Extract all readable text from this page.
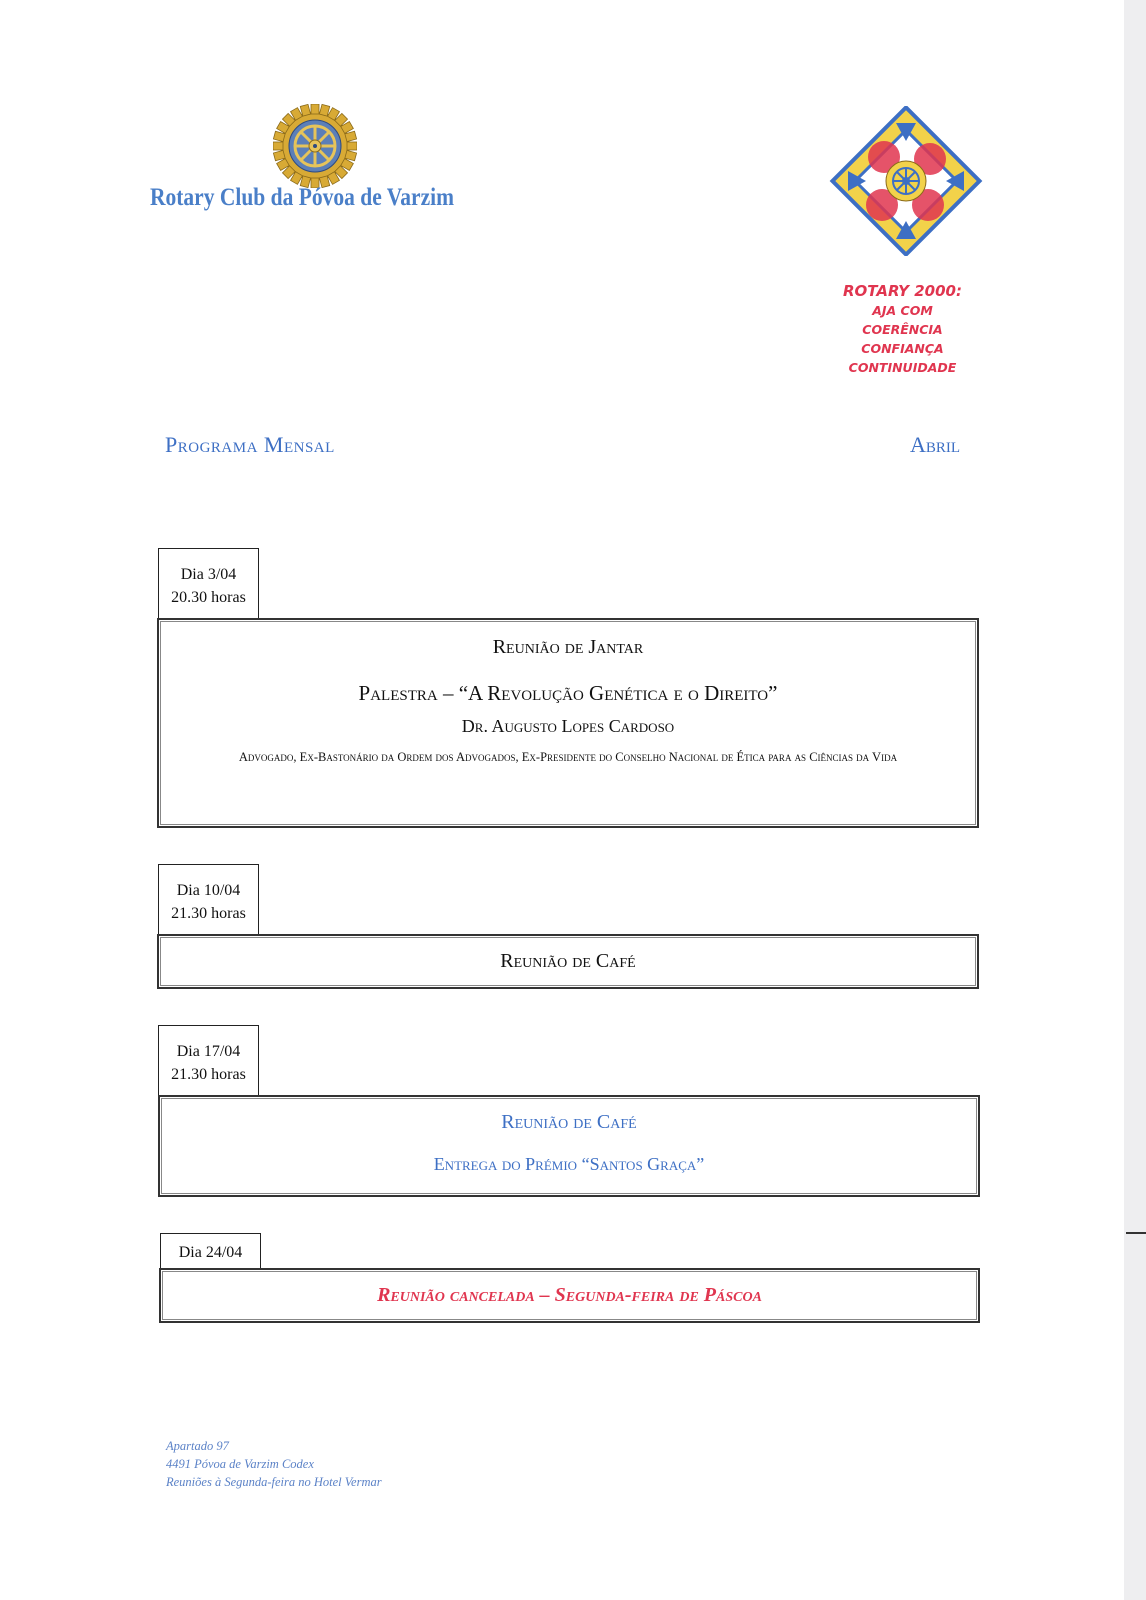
Rotary Club da Póvoa de Varzim
ROTARY 2000:
AJA COM
COERÊNCIA
CONFIANÇA
CONTINUIDADE
Programa Mensal	Abril
Dia 3/04
20.30 horas
Reunião de Jantar
Palestra – “A Revolução Genética e o Direito”
Dr. Augusto Lopes Cardoso
Advogado, Ex-Bastonário da Ordem dos Advogados, Ex-Presidente do Conselho Nacional de Ética para as Ciências da Vida
Dia 10/04
21.30 horas
Reunião de Café
Dia 17/04
21.30 horas
Reunião de Café
Entrega do Prémio “Santos Graça”
Dia 24/04
Reunião cancelada – Segunda-feira de Páscoa
Apartado 97
4491 Póvoa de Varzim Codex
Reuniões à Segunda-feira no Hotel Vermar
